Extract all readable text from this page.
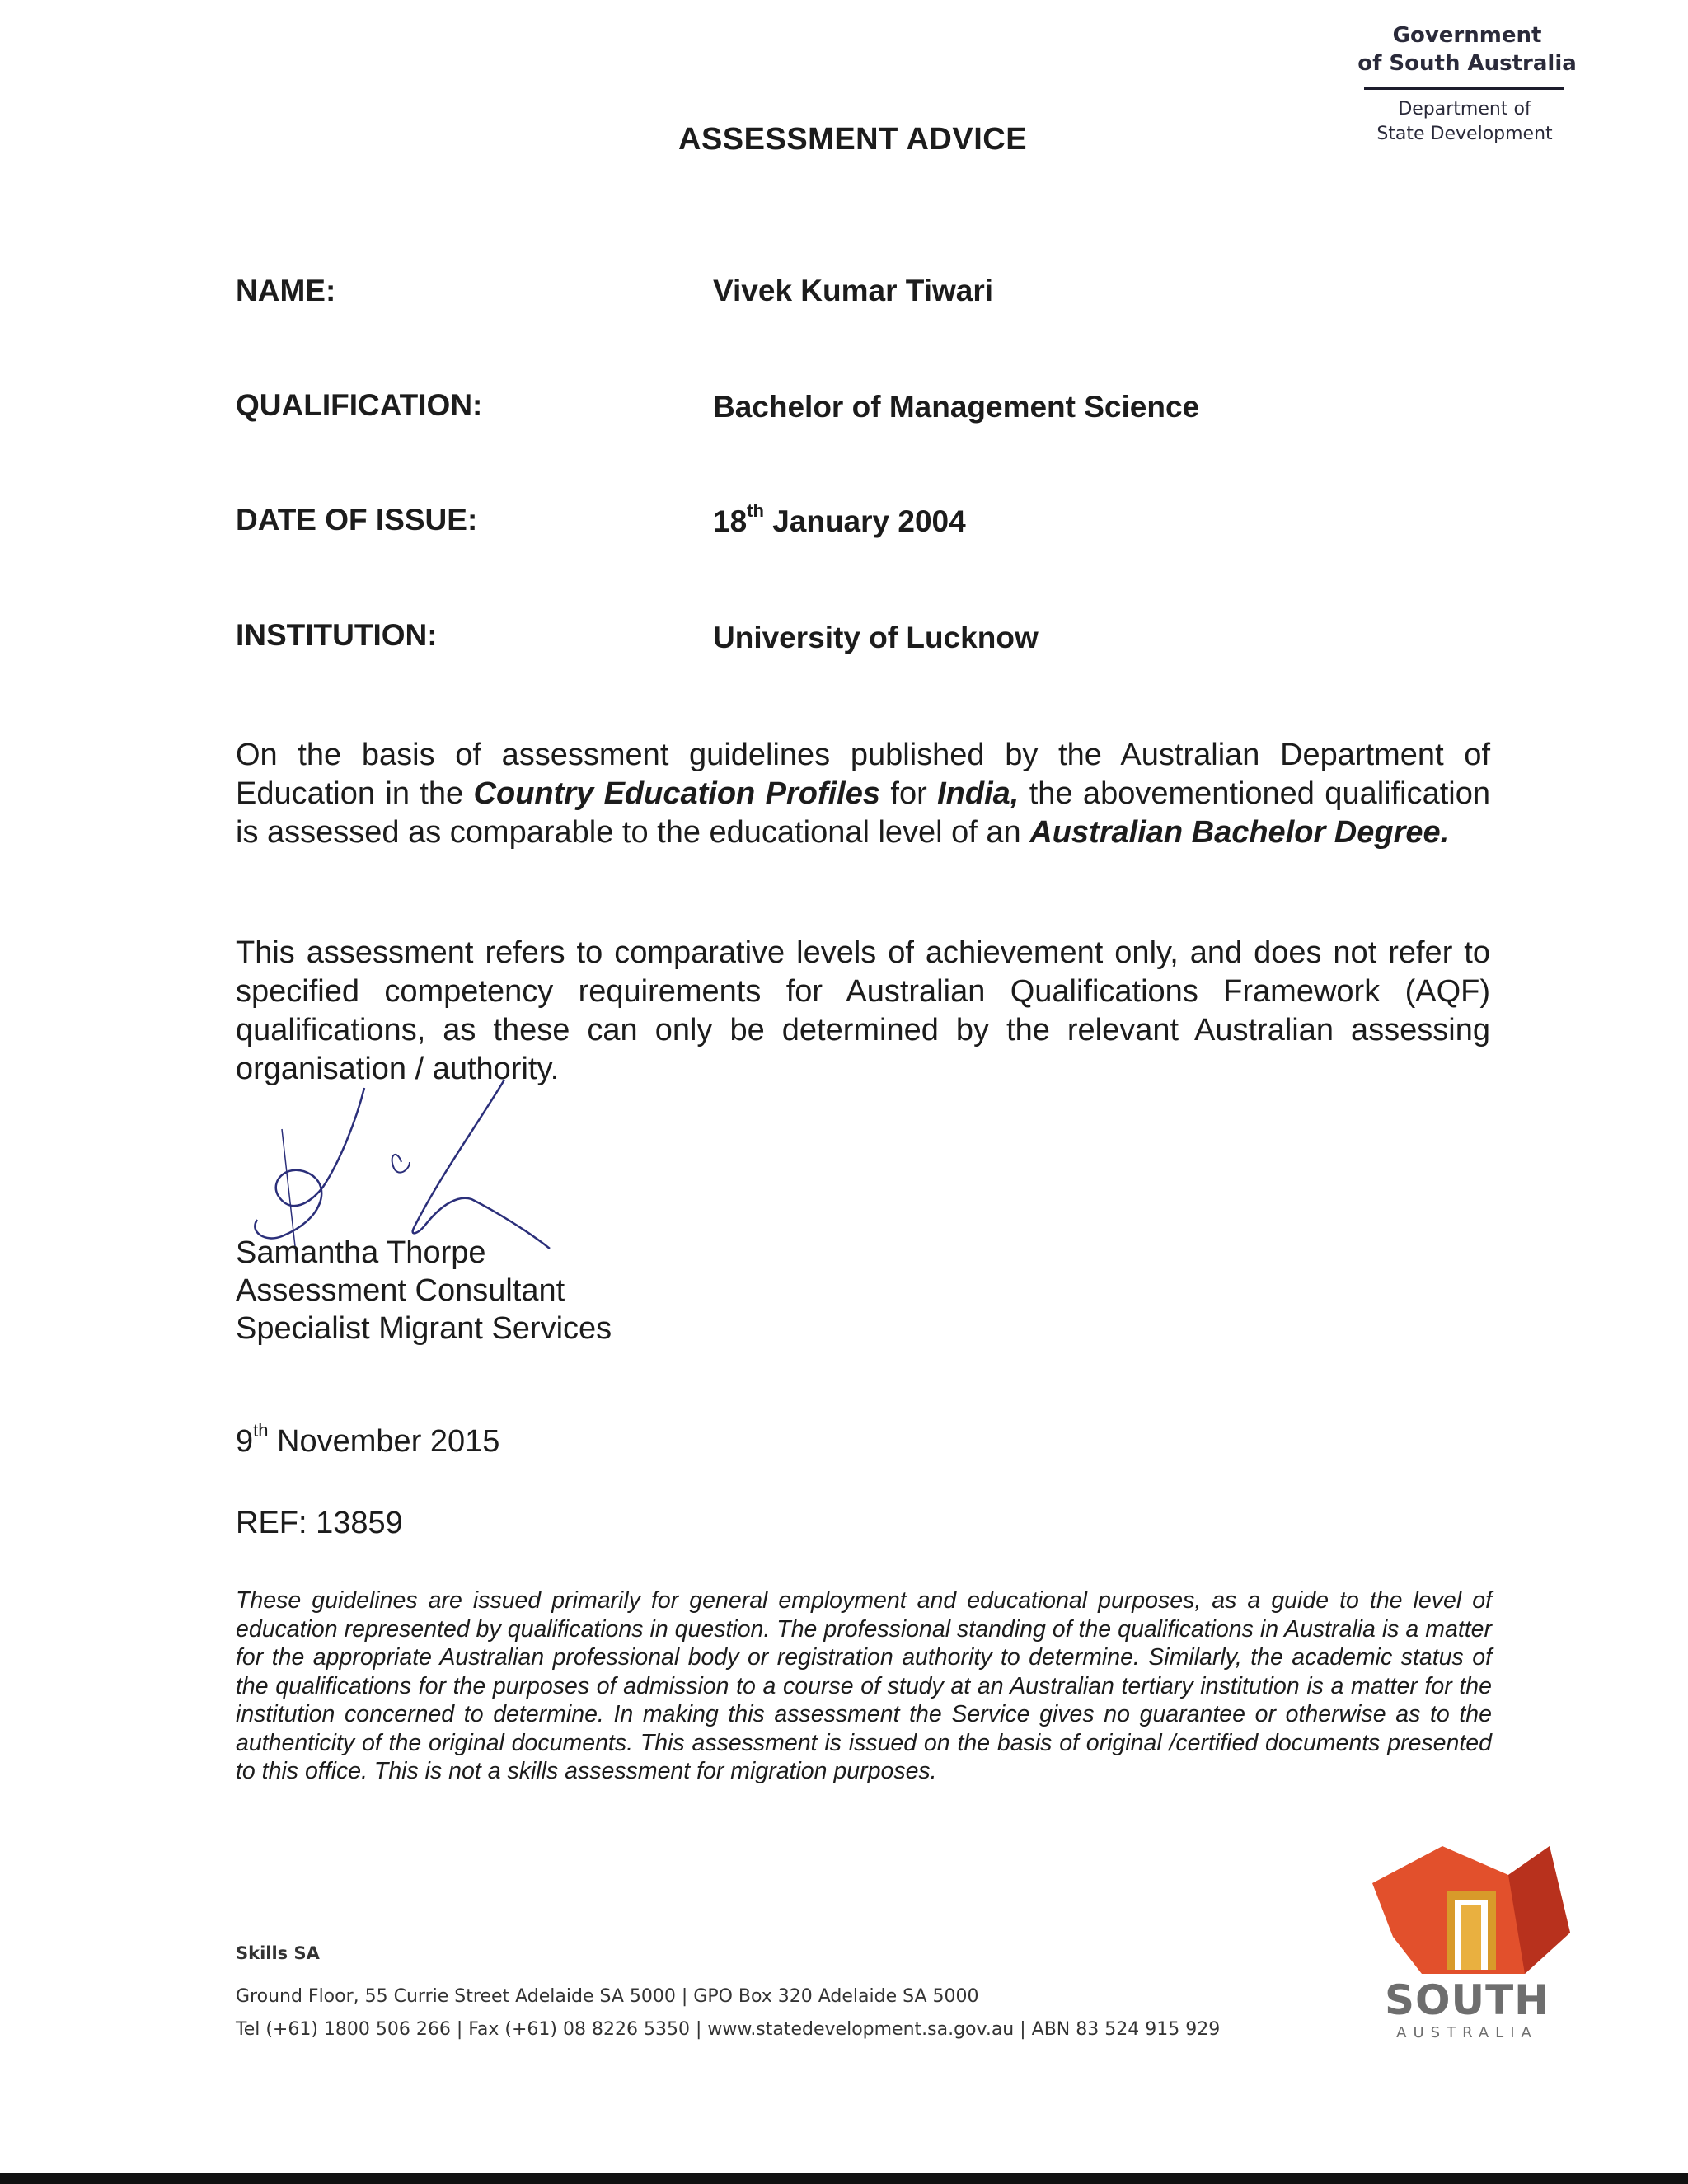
Government
of South Australia
Department of
State Development
ASSESSMENT ADVICE
NAME:	Vivek Kumar Tiwari
QUALIFICATION:	Bachelor of Management Science
DATE OF ISSUE:	18th January 2004
INSTITUTION:	University of Lucknow
On the basis of assessment guidelines published by the Australian Department of Education in the Country Education Profiles for India, the abovementioned qualification is assessed as comparable to the educational level of an Australian Bachelor Degree.
This assessment refers to comparative levels of achievement only, and does not refer to specified competency requirements for Australian Qualifications Framework (AQF) qualifications, as these can only be determined by the relevant Australian assessing organisation / authority.
Samantha Thorpe
Assessment Consultant
Specialist Migrant Services
9th November 2015
REF: 13859
These guidelines are issued primarily for general employment and educational purposes, as a guide to the level of education represented by qualifications in question. The professional standing of the qualifications in Australia is a matter for the appropriate Australian professional body or registration authority to determine. Similarly, the academic status of the qualifications for the purposes of admission to a course of study at an Australian tertiary institution is a matter for the institution concerned to determine. In making this assessment the Service gives no guarantee or otherwise as to the authenticity of the original documents. This assessment is issued on the basis of original /certified documents presented to this office. This is not a skills assessment for migration purposes.
Skills SA
Ground Floor, 55 Currie Street Adelaide SA 5000 | GPO Box 320 Adelaide SA 5000
Tel (+61) 1800 506 266 | Fax (+61) 08 8226 5350 | www.statedevelopment.sa.gov.au | ABN 83 524 915 929
SOUTH
AUSTRALIA
